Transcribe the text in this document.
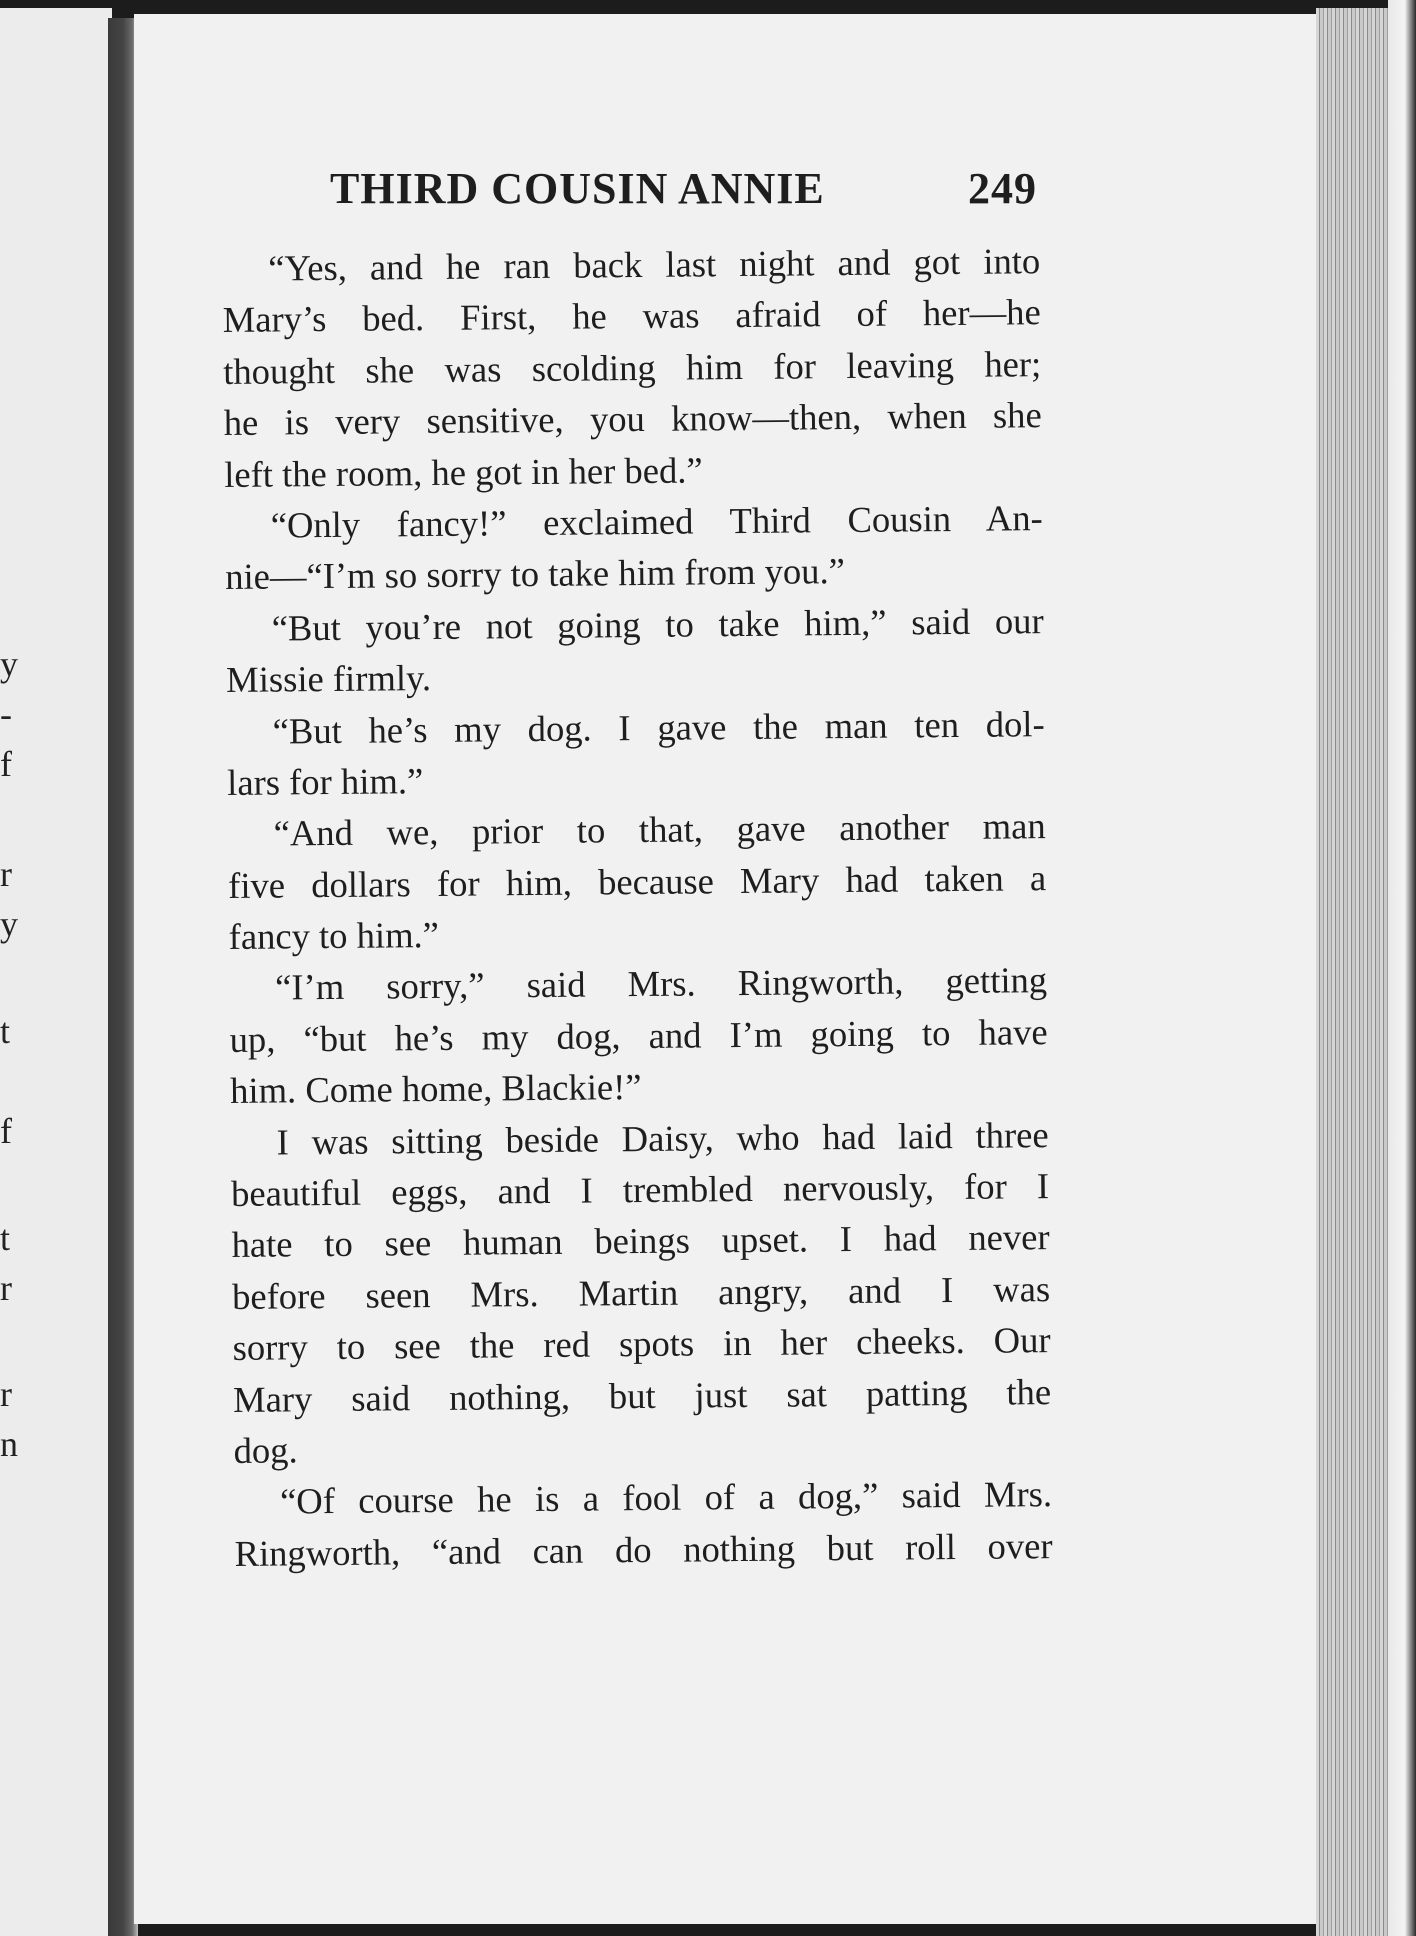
y
-
f
r
y
t
f
t
r
r
n
THIRD COUSIN ANNIE	249
“Yes, and he ran back last night and got into
Mary’s bed. First, he was afraid of her—he
thought she was scolding him for leaving her;
he is very sensitive, you know—then, when she
left the room, he got in her bed.”
“Only fancy!” exclaimed Third Cousin An-
nie—“I’m so sorry to take him from you.”
“But you’re not going to take him,” said our
Missie firmly.
“But he’s my dog. I gave the man ten dol-
lars for him.”
“And we, prior to that, gave another man
five dollars for him, because Mary had taken a
fancy to him.”
“I’m sorry,” said Mrs. Ringworth, getting
up, “but he’s my dog, and I’m going to have
him. Come home, Blackie!”
I was sitting beside Daisy, who had laid three
beautiful eggs, and I trembled nervously, for I
hate to see human beings upset. I had never
before seen Mrs. Martin angry, and I was
sorry to see the red spots in her cheeks. Our
Mary said nothing, but just sat patting the
dog.
“Of course he is a fool of a dog,” said Mrs.
Ringworth, “and can do nothing but roll over
